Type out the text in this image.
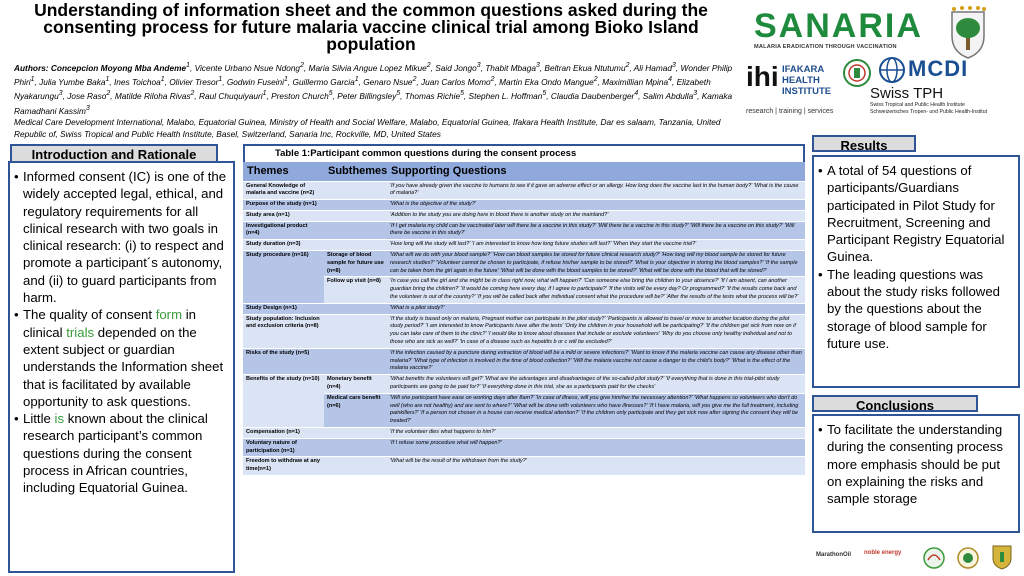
Understanding of information sheet and the common questions asked during the consenting process for future malaria vaccine clinical trial among Bioko Island population
Authors: Concepcion Moyong Mba Andeme$^1$, Vicente Urbano Nsue Ndong$^2$, Maria Silvia Angue Lopez Mikue$^2$, Said Jongo$^3$, Thabit Mbaga$^3$, Beltran Ekua Ntutumu$^2$, Ali Hamad$^3$, Wonder Philip Phiri$^1$, Julia Yumbe Baka$^1$, Ines Toichoa$^1$, Olivier Tresor$^1$, Godwin Fuseini$^1$, Guillermo Garcia$^1$, Genaro Nsue$^2$, Juan Carlos Momo$^2$, Martin Eka Ondo Mangue$^2$, Maximillian Mpina$^4$, Elizabeth Nyakarungu$^3$, Jose Raso$^2$, Matilde Riloha Rivas$^2$, Raul Chuquiyauri$^1$, Preston Church$^5$, Peter Billingsley$^5$, Thomas Richie$^5$, Stephen L. Hoffman$^5$, Claudia Daubenberger$^4$, Salim Abdulla$^3$, Kamaka Ramadhani Kassim$^3$
Medical Care Development International, Malabo, Equatorial Guinea, Ministry of Health and Social Welfare, Malabo, Equatorial Guinea, Ifakara Health Institute, Dar es salaam, Tanzania, United Republic of, Swiss Tropical and Public Health Institute, Basel, Switzerland, Sanaria Inc, Rockville, MD, United States
SANARIA
MALARIA ERADICATION THROUGH VACCINATION
ihi IFAKARA
HEALTH
INSTITUTE
research | training | services
MCDI
Swiss TPH
Swiss Tropical and Public Health Institute
Schweizerisches Tropen- und Public Health-Institut
Introduction and Rationale
• Informed consent (IC) is one of the widely accepted legal, ethical, and regulatory requirements for all clinical research with two goals in clinical research: (i) to respect and promote a participant´s autonomy, and (ii) to guard participants from harm.
• The quality of consent form in clinical trials depended on the extent subject or guardian understands the Information sheet that is facilitated by available opportunity to ask questions.
• Little is known about the clinical research participant’s common questions during the consent process in African countries, including Equatorial Guinea.
Table 1:Participant common questions during the consent process
Themes	Subthemes	Supporting Questions
General Knowledge of malaria and vaccine (n=2)		'If you have already given the vaccine to humans to see if it gave an adverse effect or an allergy. How long does the vaccine last in the human body?' 'What is the cause of malaria?'
Purpose of the study (n=1)		'What is the objective of the study?'
Study area (n=1)		'Addition to the study you are doing here in blood there is another study on the mainland?'
Investigational product (n=4)		'If I get malaria my child can be vaccinated later will there be a vaccine in this study?' 'Will there be a vaccine in this study?' 'Will there be a vaccine on this study?' 'Will there be vaccine in this study?'
Study duration (n=3)		'How long will the study will last?' 'I am interested to know how long future studies will last?' 'When they start the vaccine trial?'
Study procedure (n=16)	Storage of blood sample for future use (n=8)	'What will we do with your blood sample?' 'How can blood samples be stored for future clinical research study?' 'How long will my blood sample be stored for future research studies?' 'Volunteer cannot be chosen to participate, if refuse his/her sample to be stored?' 'What is your objective in storing the blood samples?' 'If the sample can be taken from the girl again in the future' 'What will be done with the blood samples to be stored?' 'What will be done with the blood that will be stored?'
	Follow up visit (n=8)	'In case you call the girl and she might be in class right now, what will happen?' 'Can someone else bring the children to your absence?' 'If I am absent, can another guardian bring the children?' 'It would be coming here every day, if I agree to participate?' 'If the visits will be every day? Or programmed?' 'If the results come back and the volunteer is out of the country?' 'If you will be called back after individual consent what the procedure will be?' 'After the results of the tests what the process will be?'
Study Design (n=1)		'What is a pilot study?'
Study population: Inclusion and exclusion criteria (n=8)		'If the study is based only on malaria, Pregnant mother can participate in the pilot study?' 'Participants is allowed to travel or move to another location during the pilot study period?' 'I am interested to know Participants have after the tests' 'Only the children in your household will be participating?' 'If the children get sick from now on if you can take care of them to the clinic?' 'I would like to know about diseases that include or exclude volunteers' 'Why do you choose only healthy individual and not to those who are sick as well?' 'In case of a disease such as hepatitis b or c will be excluded?'
Risks of the study (n=5)		'If the infection caused by a puncture during extraction of blood will be a mild or severe infections?' 'Want to know if the malaria vaccine can cause any disease other than malaria?' 'What type of infection is involved in the time of blood collection?' 'Will the malaria vaccine not cause a danger to the child's body?' 'What is the effect of the malaria vaccine?'
Benefits of the study (n=10)	Monetary benefit (n=4)	'What benefits the volunteers will get?' 'What are the advantages and disadvantages of the so-called pilot study?' 'If everything that is done in this trial-pilot study participants are going to be paid for?' 'If everything done in this trial, she as a participants paid for the checks'
	Medical care benefit (n=6)	'Will she participant have ease on working days after 8am?' 'In case of illness, will you give him/her the necessary attention?' 'What happens so volunteers who don't do well (who are not healthy) and are sent to where?' 'What will be done with volunteers who have illnesses?' 'If I have malaria, will you give me the full treatment, including painkillers?' 'If a person not chosen in a house can receive medical attention?' 'If the children only participate and they get sick now after signing the consent they will be treated?'
Compensation (n=1)		'If the volunteer dies what happens to him?'
Voluntary nature of participation (n=1)		'If I refuse some procedure what will happen?'
Freedom to withdraw at any time(n=1)		'What will be the result of the withdrawn from the study?'
Results
• A total of 54 questions of participants/Guardians participated in Pilot Study for Recruitment, Screening and Participant Registry Equatorial Guinea.
• The leading questions was about the study risks followed by the questions about the storage of blood sample for future use.
Conclusions
• To facilitate the understanding during the consenting process more emphasis should be put on explaining the risks and sample storage
MarathonOil noble energy
